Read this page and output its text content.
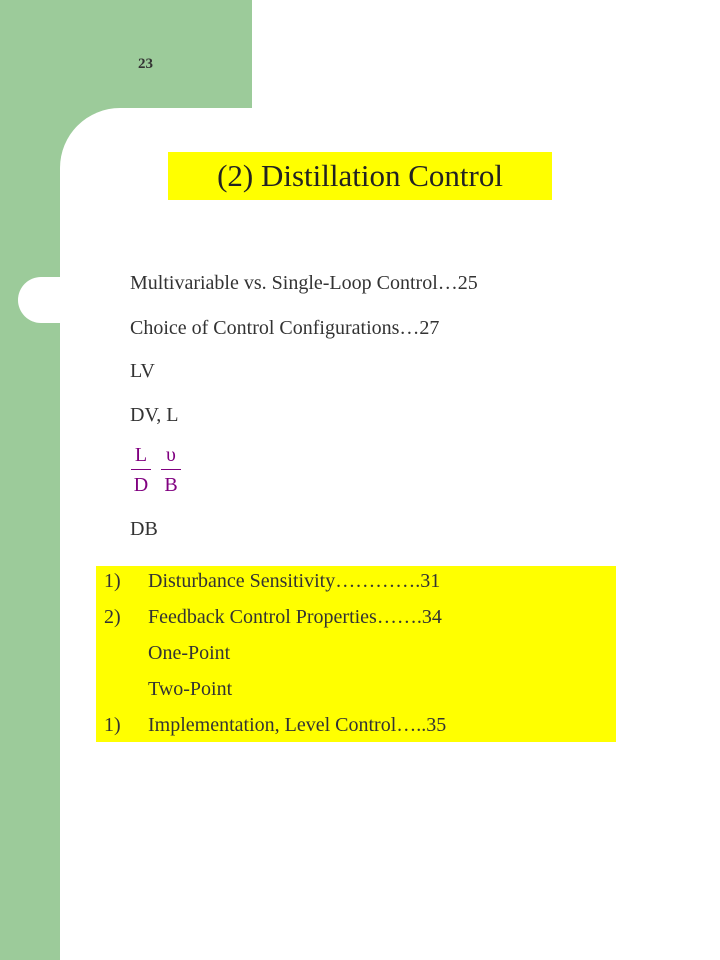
23
(2) Distillation Control
Multivariable vs. Single-Loop Control…25
Choice of Control Configurations…27
LV
DV, L
$\frac{L}{D} \frac{\upsilon}{B}$
DB
1) Disturbance Sensitivity………….31
2) Feedback Control Properties…….34
One-Point
Two-Point
1) Implementation, Level Control…..35
